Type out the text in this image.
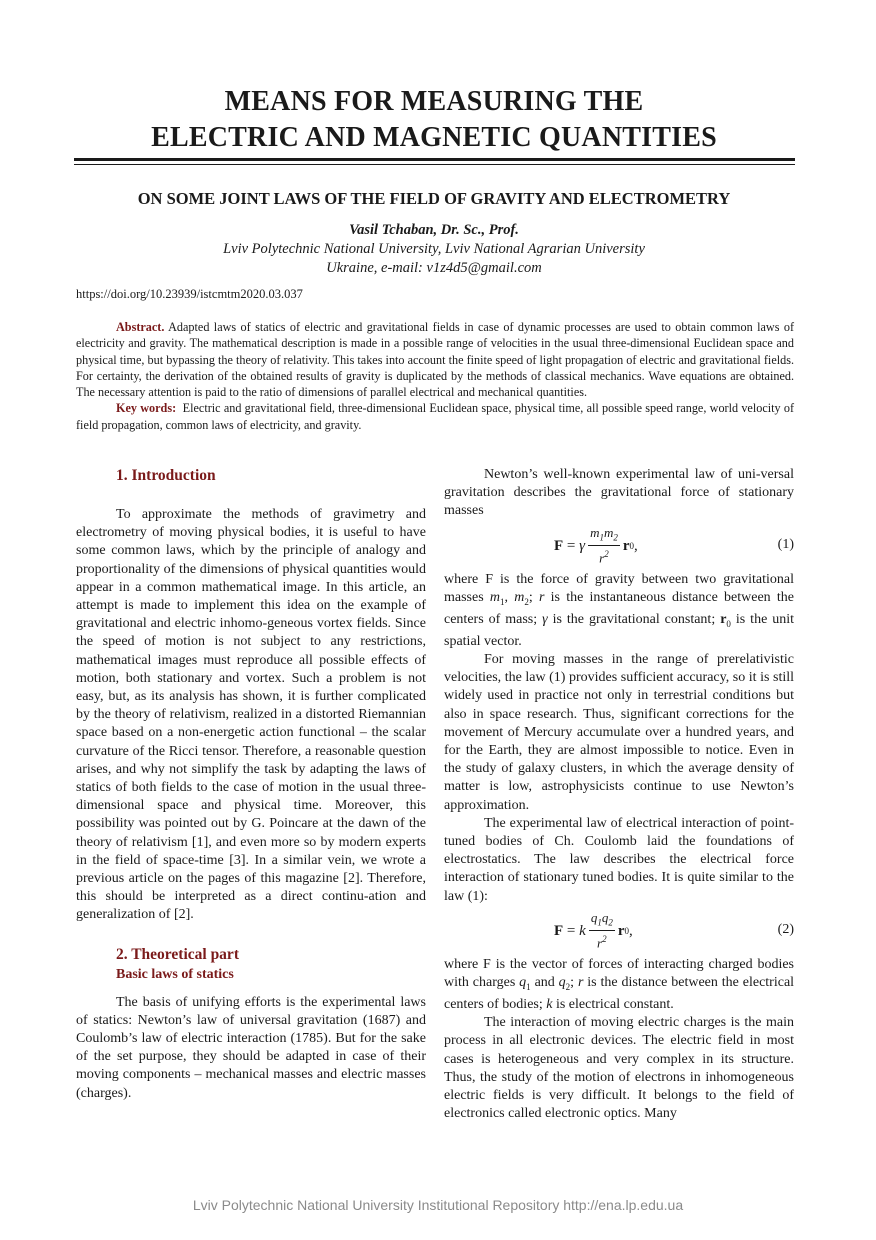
MEANS FOR MEASURING THE
ELECTRIC AND MAGNETIC QUANTITIES
ON SOME JOINT LAWS OF THE FIELD OF GRAVITY AND ELECTROMETRY
Vasil Tchaban, Dr. Sc., Prof.
Lviv Polytechnic National University, Lviv National Agrarian University
Ukraine, e-mail: v1z4d5@gmail.com
https://doi.org/10.23939/istcmtm2020.03.037

Abstract. Adapted laws of statics of electric and gravitational fields in case of dynamic processes are used to obtain common laws of electricity and gravity. The mathematical description is made in a possible range of velocities in the usual three-dimensional Euclidean space and physical time, but bypassing the theory of relativity. This takes into account the finite speed of light propagation of electric and gravitational fields. For certainty, the derivation of the obtained results of gravity is duplicated by the methods of classical mechanics. Wave equations are obtained. The necessary attention is paid to the ratio of dimensions of parallel electrical and mechanical quantities.

Key words: Electric and gravitational field, three-dimensional Euclidean space, physical time, all possible speed range, world velocity of field propagation, common laws of electricity, and gravity.

1. Introduction

To approximate the methods of gravimetry and electrometry of moving physical bodies, it is useful to have some common laws, which by the principle of analogy and proportionality of the dimensions of physical quantities would appear in a common mathematical image. In this article, an attempt is made to implement this idea on the example of gravitational and electric inhomo-geneous vortex fields. Since the speed of motion is not subject to any restrictions, mathematical images must reproduce all possible effects of motion, both stationary and vortex. Such a problem is not easy, but, as its analysis has shown, it is further complicated by the theory of relativism, realized in a distorted Riemannian space based on a non-energetic action functional – the scalar curvature of the Ricci tensor. Therefore, a reasonable question arises, and why not simplify the task by adapting the laws of statics of both fields to the case of motion in the usual three-dimensional space and physical time. Moreover, this possibility was pointed out by G. Poincare at the dawn of the theory of relativism [1], and even more so by modern experts in the field of space-time [3]. In a similar vein, we wrote a previous article on the pages of this magazine [2]. Therefore, this should be interpreted as a direct continu-ation and generalization of [2].

2. Theoretical part
Basic laws of statics

The basis of unifying efforts is the experimental laws of statics: Newton’s law of universal gravitation (1687) and Coulomb’s law of electric interaction (1785). But for the sake of the set purpose, they should be adapted in case of their moving components – mechanical masses and electric masses (charges).

Newton’s well-known experimental law of uni-versal gravitation describes the gravitational force of stationary masses

F = γ $\frac{m_1m_2}{r^2}$ r 0 ,	(1)

where F is the force of gravity between two gravitational masses $m_1$, $m_2$; r is the instantaneous distance between the centers of mass; γ is the gravitational constant; $r_0$ is the unit spatial vector.

For moving masses in the range of prerelativistic velocities, the law (1) provides sufficient accuracy, so it is still widely used in practice not only in terrestrial conditions but also in space research. Thus, significant corrections for the movement of Mercury accumulate over a hundred years, and for the Earth, they are almost impossible to notice. Even in the study of galaxy clusters, in which the average density of matter is low, astrophysicists continue to use Newton’s approximation.

The experimental law of electrical interaction of point-tuned bodies of Ch. Coulomb laid the foundations of electrostatics. The law describes the electrical force interaction of stationary tuned bodies. It is quite similar to the law (1):

F = k $\frac{q_1q_2}{r^2}$ r 0 ,	(2)

where F is the vector of forces of interacting charged bodies with charges $q_1$ and $q_2$; r is the distance between the electrical centers of bodies; k is electrical constant.

The interaction of moving electric charges is the main process in all electronic devices. The electric field in most cases is heterogeneous and very complex in its structure. Thus, the study of the motion of electrons in inhomogeneous electric fields is very difficult. It belongs to the field of electronics called electronic optics. Many

Lviv Polytechnic National University Institutional Repository http://ena.lp.edu.ua
